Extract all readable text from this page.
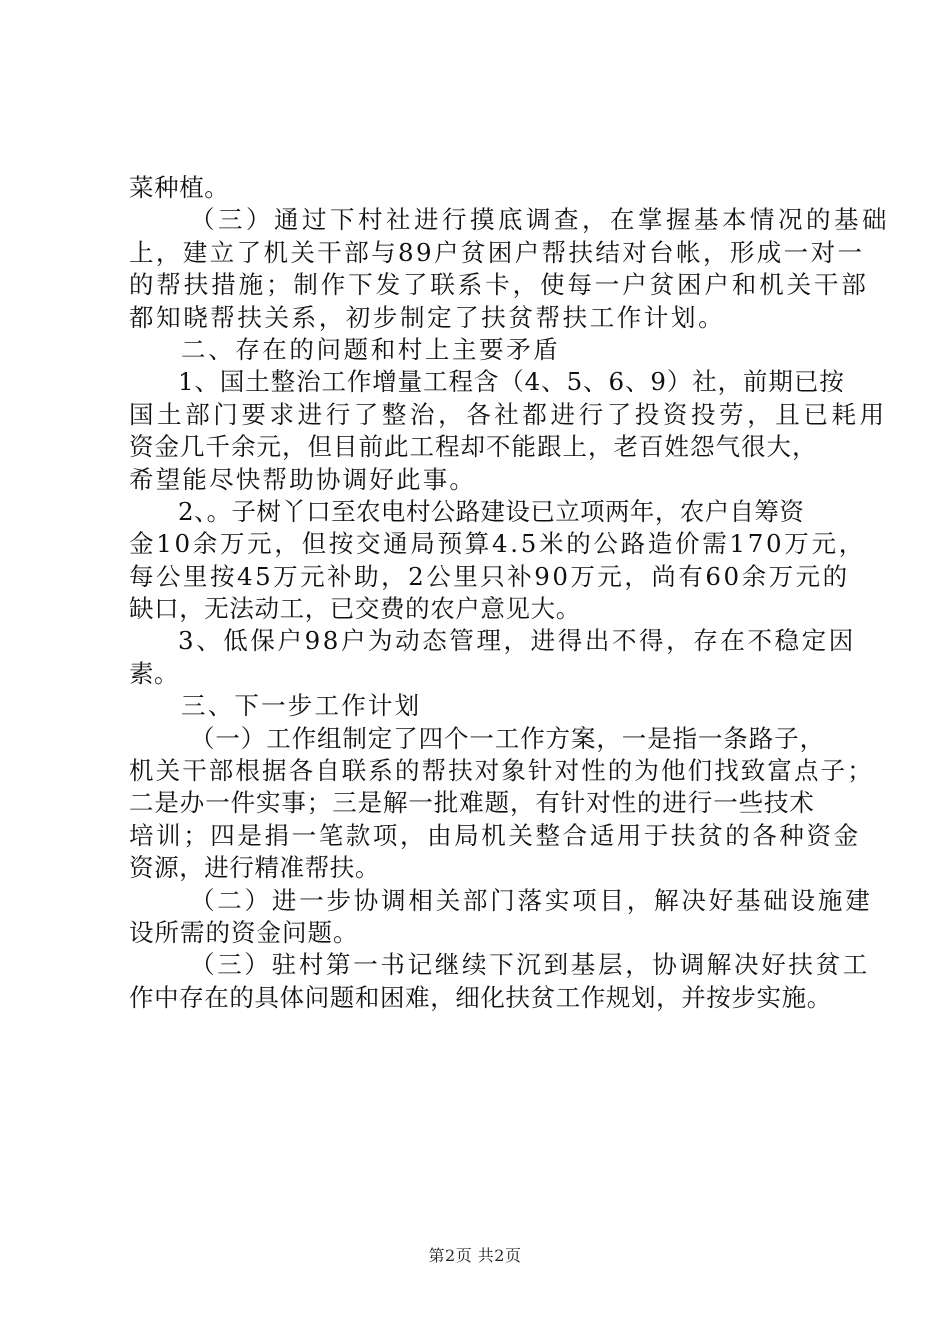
菜种植。
（三）通过下村社进行摸底调查，在掌握基本情况的基础
上，建立了机关干部与89户贫困户帮扶结对台帐，形成一对一
的帮扶措施；制作下发了联系卡，使每一户贫困户和机关干部
都知晓帮扶关系，初步制定了扶贫帮扶工作计划。
二、存在的问题和村上主要矛盾
1、国土整治工作增量工程含（4、5、6、9）社，前期已按
国土部门要求进行了整治，各社都进行了投资投劳，且已耗用
资金几千余元，但目前此工程却不能跟上，老百姓怨气很大，
希望能尽快帮助协调好此事。
2、。子树丫口至农电村公路建设已立项两年，农户自筹资
金10余万元，但按交通局预算4.5米的公路造价需170万元，
每公里按45万元补助，2公里只补90万元，尚有60余万元的
缺口，无法动工，已交费的农户意见大。
3、低保户98户为动态管理，进得出不得，存在不稳定因
素。
三、下一步工作计划
（一）工作组制定了四个一工作方案，一是指一条路子，
机关干部根据各自联系的帮扶对象针对性的为他们找致富点子；
二是办一件实事；三是解一批难题，有针对性的进行一些技术
培训；四是捐一笔款项，由局机关整合适用于扶贫的各种资金
资源，进行精准帮扶。
（二）进一步协调相关部门落实项目，解决好基础设施建
设所需的资金问题。
（三）驻村第一书记继续下沉到基层，协调解决好扶贫工
作中存在的具体问题和困难，细化扶贫工作规划，并按步实施。
第2页 共2页
